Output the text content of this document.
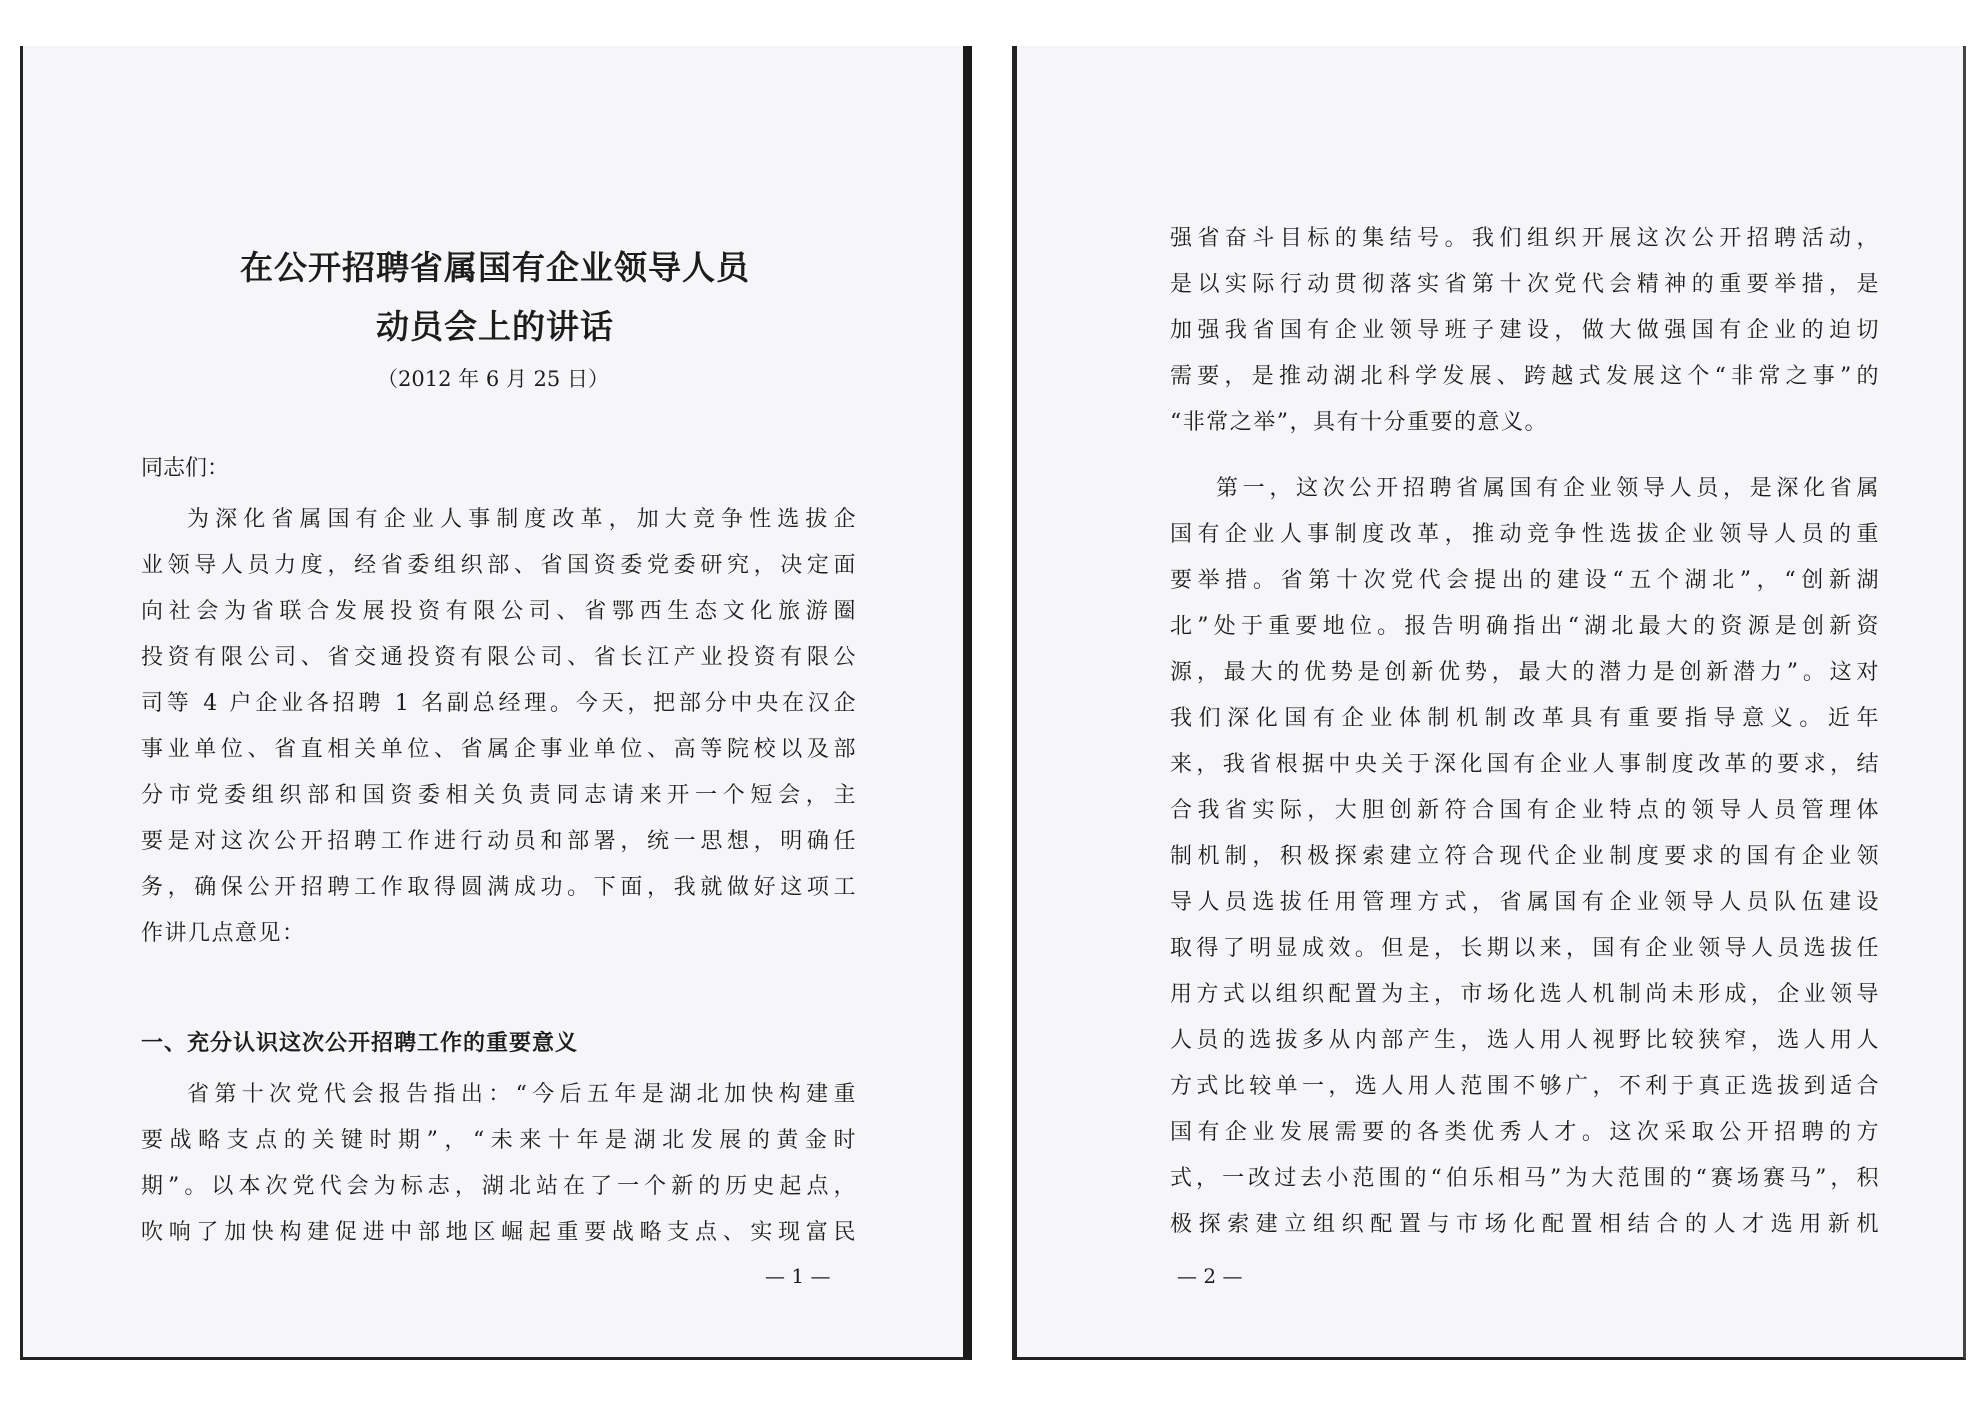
在公开招聘省属国有企业领导人员
动员会上的讲话
（2012 年 6 月 25 日）
同志们：
为深化省属国有企业人事制度改革，加大竞争性选拔企
业领导人员力度，经省委组织部、省国资委党委研究，决定面
向社会为省联合发展投资有限公司、省鄂西生态文化旅游圈
投资有限公司、省交通投资有限公司、省长江产业投资有限公
司等 4 户企业各招聘 1 名副总经理。今天，把部分中央在汉企
事业单位、省直相关单位、省属企事业单位、高等院校以及部
分市党委组织部和国资委相关负责同志请来开一个短会，主
要是对这次公开招聘工作进行动员和部署，统一思想，明确任
务，确保公开招聘工作取得圆满成功。下面，我就做好这项工
作讲几点意见：
一、充分认识这次公开招聘工作的重要意义
省第十次党代会报告指出：“今后五年是湖北加快构建重
要战略支点的关键时期”，“未来十年是湖北发展的黄金时
期”。以本次党代会为标志，湖北站在了一个新的历史起点，
吹响了加快构建促进中部地区崛起重要战略支点、实现富民
— 1 —
强省奋斗目标的集结号。我们组织开展这次公开招聘活动，
是以实际行动贯彻落实省第十次党代会精神的重要举措，是
加强我省国有企业领导班子建设，做大做强国有企业的迫切
需要，是推动湖北科学发展、跨越式发展这个“非常之事”的
“非常之举”，具有十分重要的意义。
第一，这次公开招聘省属国有企业领导人员，是深化省属
国有企业人事制度改革，推动竞争性选拔企业领导人员的重
要举措。省第十次党代会提出的建设“五个湖北”，“创新湖
北”处于重要地位。报告明确指出“湖北最大的资源是创新资
源，最大的优势是创新优势，最大的潜力是创新潜力”。这对
我们深化国有企业体制机制改革具有重要指导意义。近年
来，我省根据中央关于深化国有企业人事制度改革的要求，结
合我省实际，大胆创新符合国有企业特点的领导人员管理体
制机制，积极探索建立符合现代企业制度要求的国有企业领
导人员选拔任用管理方式，省属国有企业领导人员队伍建设
取得了明显成效。但是，长期以来，国有企业领导人员选拔任
用方式以组织配置为主，市场化选人机制尚未形成，企业领导
人员的选拔多从内部产生，选人用人视野比较狭窄，选人用人
方式比较单一，选人用人范围不够广，不利于真正选拔到适合
国有企业发展需要的各类优秀人才。这次采取公开招聘的方
式，一改过去小范围的“伯乐相马”为大范围的“赛场赛马”，积
极探索建立组织配置与市场化配置相结合的人才选用新机
— 2 —
